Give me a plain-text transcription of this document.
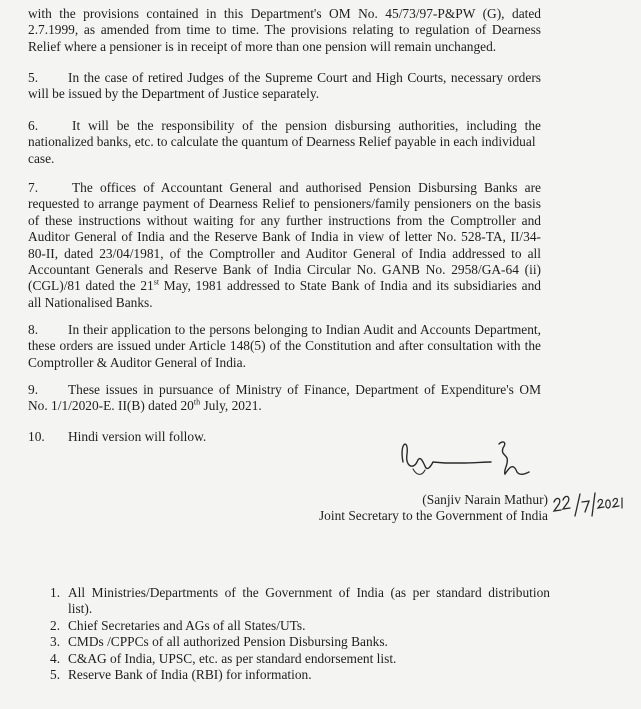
with the provisions contained in this Department's OM No. 45/73/97-P&PW (G), dated
2.7.1999, as amended from time to time. The provisions relating to regulation of Dearness
Relief where a pensioner is in receipt of more than one pension will remain unchanged.
5. In the case of retired Judges of the Supreme Court and High Courts, necessary orders
will be issued by the Department of Justice separately.
6.	It will be the responsibility of the pension disbursing authorities, including the
nationalized banks, etc. to calculate the quantum of Dearness Relief payable in each individual
case.
7.	The offices of Accountant General and authorised Pension Disbursing Banks are
requested to arrange payment of Dearness Relief to pensioners/family pensioners on the basis
of these instructions without waiting for any further instructions from the Comptroller and
Auditor General of India and the Reserve Bank of India in view of letter No. 528-TA, II/34-
80-II, dated 23/04/1981, of the Comptroller and Auditor General of India addressed to all
Accountant Generals and Reserve Bank of India Circular No. GANB No. 2958/GA-64 (ii)
(CGL)/81 dated the 21st May, 1981 addressed to State Bank of India and its subsidiaries and
all Nationalised Banks.
8. In their application to the persons belonging to Indian Audit and Accounts Department,
these orders are issued under Article 148(5) of the Constitution and after consultation with the
Comptroller & Auditor General of India.
9. These issues in pursuance of Ministry of Finance, Department of Expenditure's OM
No. 1/1/2020-E. II(B) dated 20th July, 2021.
10. Hindi version will follow.
(Sanjiv Narain Mathur)
Joint Secretary to the Government of India
1. All Ministries/Departments of the Government of India (as per standard distribution
list).
2. Chief Secretaries and AGs of all States/UTs.
3. CMDs /CPPCs of all authorized Pension Disbursing Banks.
4. C&AG of India, UPSC, etc. as per standard endorsement list.
5. Reserve Bank of India (RBI) for information.
